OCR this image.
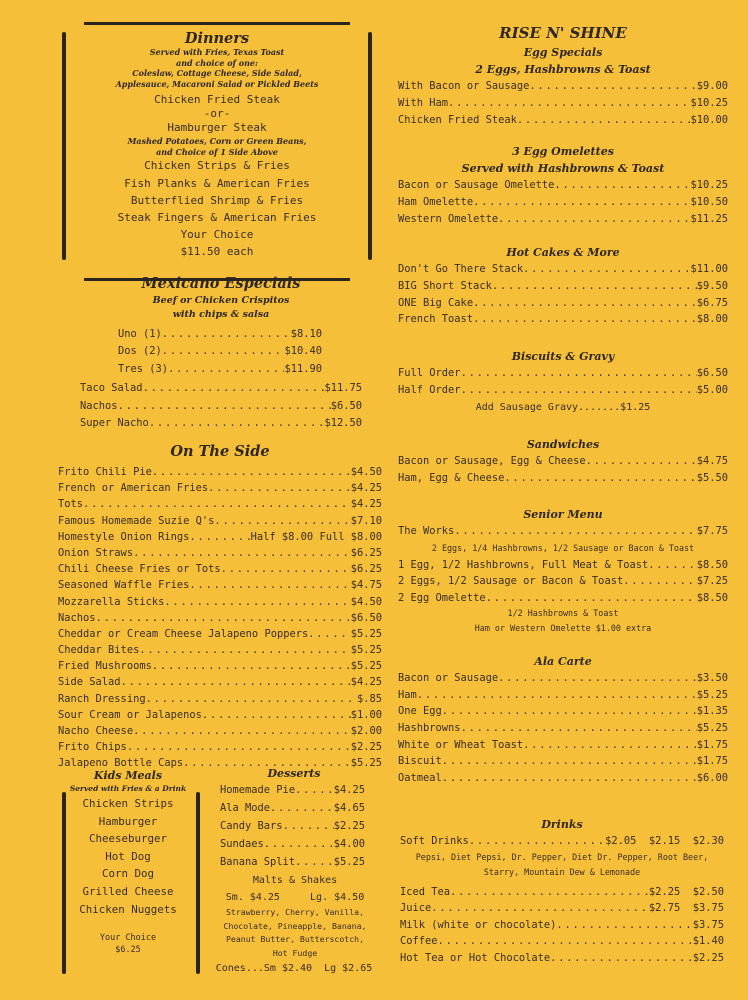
Dinners
Served with Fries, Texas Toast
and choice of one:
Coleslaw, Cottage Cheese, Side Salad,
Applesauce, Macaroni Salad or Pickled Beets
Chicken Fried Steak
-or-
Hamburger Steak
Mashed Potatoes, Corn or Green Beans,
and Choice of 1 Side Above
Chicken Strips & Fries
Fish Planks & American Fries
Butterflied Shrimp & Fries
Steak Fingers & American Fries
Your Choice
$11.50 each
Mexicano Especials
Beef or Chicken Crispitos
with chips & salsa
Uno (1) .....	$8.10
Dos (2) .....	$10.40
Tres (3) .....	$11.90
Taco Salad .....	$11.75
Nachos .....	$6.50
Super Nacho .....	$12.50
On The Side
Frito Chili Pie .....	$4.50
French or American Fries .....	$4.25
Tots .....	$4.25
Famous Homemade Suzie Q's .....	$7.10
Homestyle Onion Rings .....	Half $8.00 Full $8.00
Onion Straws .....	$6.25
Chili Cheese Fries or Tots .....	$6.25
Seasoned Waffle Fries .....	$4.75
Mozzarella Sticks .....	$4.50
Nachos .....	$6.50
Cheddar or Cream Cheese Jalapeno Poppers .....	$5.25
Cheddar Bites .....	$5.25
Fried Mushrooms .....	$5.25
Side Salad .....	$4.25
Ranch Dressing .....	$.85
Sour Cream or Jalapenos .....	$1.00
Nacho Cheese .....	$2.00
Frito Chips .....	$2.25
Jalapeno Bottle Caps .....	$5.25
Kids Meals
Served with Fries & a Drink
Chicken Strips
Hamburger
Cheeseburger
Hot Dog
Corn Dog
Grilled Cheese
Chicken Nuggets
Your Choice
$6.25
Desserts
Homemade Pie .....	$4.25
Ala Mode .....	$4.65
Candy Bars .....	$2.25
Sundaes .....	$4.00
Banana Split .....	$5.25
Malts & Shakes
Sm. $4.25     Lg. $4.50
Strawberry, Cherry, Vanilla,
Chocolate, Pineapple, Banana,
Peanut Butter, Butterscotch,
Hot Fudge
Cones...Sm $2.40  Lg $2.65
RISE N' SHINE
Egg Specials
2 Eggs, Hashbrowns & Toast
With Bacon or Sausage .....	$9.00
With Ham .....	$10.25
Chicken Fried Steak .....	$10.00
3 Egg Omelettes
Served with Hashbrowns & Toast
Bacon or Sausage Omelette .....	$10.25
Ham Omelette .....	$10.50
Western Omelette .....	$11.25
Hot Cakes & More
Don't Go There Stack .....	$11.00
BIG Short Stack .....	$9.50
ONE Big Cake .....	$6.75
French Toast .....	$8.00
Biscuits & Gravy
Full Order .....	$6.50
Half Order .....	$5.00
Add Sausage Gravy.......$1.25
Sandwiches
Bacon or Sausage, Egg & Cheese .....	$4.75
Ham, Egg & Cheese .....	$5.50
Senior Menu
The Works .....	$7.75
2 Eggs, 1/4 Hashbrowns, 1/2 Sausage or Bacon & Toast
1 Egg, 1/2 Hashbrowns, Full Meat & Toast .....	$8.50
2 Eggs, 1/2 Sausage or Bacon & Toast .....	$7.25
2 Egg Omelette .....	$8.50
1/2 Hashbrowns & Toast
Ham or Western Omelette $1.00 extra
Ala Carte
Bacon or Sausage .....	$3.50
Ham .....	$5.25
One Egg .....	$1.35
Hashbrowns .....	$5.25
White or Wheat Toast .....	$1.75
Biscuit .....	$1.75
Oatmeal .....	$6.00
Drinks
Soft Drinks .....	$2.05  $2.15  $2.30
Pepsi, Diet Pepsi, Dr. Pepper, Diet Dr. Pepper, Root Beer,
Starry, Mountain Dew & Lemonade
Iced Tea .....	$2.25  $2.50
Juice .....	$2.75  $3.75
Milk (white or chocolate) .....	$3.75
Coffee .....	$1.40
Hot Tea or Hot Chocolate .....	$2.25
